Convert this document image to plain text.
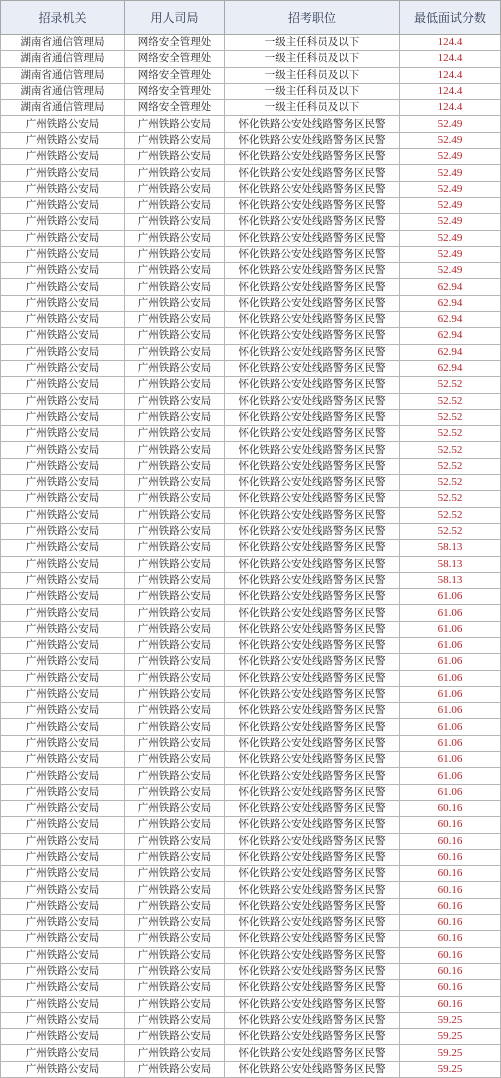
招录机关	用人司局	招考职位	最低面试分数
湖南省通信管理局	网络安全管理处	一级主任科员及以下	124.4
湖南省通信管理局	网络安全管理处	一级主任科员及以下	124.4
湖南省通信管理局	网络安全管理处	一级主任科员及以下	124.4
湖南省通信管理局	网络安全管理处	一级主任科员及以下	124.4
湖南省通信管理局	网络安全管理处	一级主任科员及以下	124.4
广州铁路公安局	广州铁路公安局	怀化铁路公安处线路警务区民警	52.49
广州铁路公安局	广州铁路公安局	怀化铁路公安处线路警务区民警	52.49
广州铁路公安局	广州铁路公安局	怀化铁路公安处线路警务区民警	52.49
广州铁路公安局	广州铁路公安局	怀化铁路公安处线路警务区民警	52.49
广州铁路公安局	广州铁路公安局	怀化铁路公安处线路警务区民警	52.49
广州铁路公安局	广州铁路公安局	怀化铁路公安处线路警务区民警	52.49
广州铁路公安局	广州铁路公安局	怀化铁路公安处线路警务区民警	52.49
广州铁路公安局	广州铁路公安局	怀化铁路公安处线路警务区民警	52.49
广州铁路公安局	广州铁路公安局	怀化铁路公安处线路警务区民警	52.49
广州铁路公安局	广州铁路公安局	怀化铁路公安处线路警务区民警	52.49
广州铁路公安局	广州铁路公安局	怀化铁路公安处线路警务区民警	62.94
广州铁路公安局	广州铁路公安局	怀化铁路公安处线路警务区民警	62.94
广州铁路公安局	广州铁路公安局	怀化铁路公安处线路警务区民警	62.94
广州铁路公安局	广州铁路公安局	怀化铁路公安处线路警务区民警	62.94
广州铁路公安局	广州铁路公安局	怀化铁路公安处线路警务区民警	62.94
广州铁路公安局	广州铁路公安局	怀化铁路公安处线路警务区民警	62.94
广州铁路公安局	广州铁路公安局	怀化铁路公安处线路警务区民警	52.52
广州铁路公安局	广州铁路公安局	怀化铁路公安处线路警务区民警	52.52
广州铁路公安局	广州铁路公安局	怀化铁路公安处线路警务区民警	52.52
广州铁路公安局	广州铁路公安局	怀化铁路公安处线路警务区民警	52.52
广州铁路公安局	广州铁路公安局	怀化铁路公安处线路警务区民警	52.52
广州铁路公安局	广州铁路公安局	怀化铁路公安处线路警务区民警	52.52
广州铁路公安局	广州铁路公安局	怀化铁路公安处线路警务区民警	52.52
广州铁路公安局	广州铁路公安局	怀化铁路公安处线路警务区民警	52.52
广州铁路公安局	广州铁路公安局	怀化铁路公安处线路警务区民警	52.52
广州铁路公安局	广州铁路公安局	怀化铁路公安处线路警务区民警	52.52
广州铁路公安局	广州铁路公安局	怀化铁路公安处线路警务区民警	58.13
广州铁路公安局	广州铁路公安局	怀化铁路公安处线路警务区民警	58.13
广州铁路公安局	广州铁路公安局	怀化铁路公安处线路警务区民警	58.13
广州铁路公安局	广州铁路公安局	怀化铁路公安处线路警务区民警	61.06
广州铁路公安局	广州铁路公安局	怀化铁路公安处线路警务区民警	61.06
广州铁路公安局	广州铁路公安局	怀化铁路公安处线路警务区民警	61.06
广州铁路公安局	广州铁路公安局	怀化铁路公安处线路警务区民警	61.06
广州铁路公安局	广州铁路公安局	怀化铁路公安处线路警务区民警	61.06
广州铁路公安局	广州铁路公安局	怀化铁路公安处线路警务区民警	61.06
广州铁路公安局	广州铁路公安局	怀化铁路公安处线路警务区民警	61.06
广州铁路公安局	广州铁路公安局	怀化铁路公安处线路警务区民警	61.06
广州铁路公安局	广州铁路公安局	怀化铁路公安处线路警务区民警	61.06
广州铁路公安局	广州铁路公安局	怀化铁路公安处线路警务区民警	61.06
广州铁路公安局	广州铁路公安局	怀化铁路公安处线路警务区民警	61.06
广州铁路公安局	广州铁路公安局	怀化铁路公安处线路警务区民警	61.06
广州铁路公安局	广州铁路公安局	怀化铁路公安处线路警务区民警	61.06
广州铁路公安局	广州铁路公安局	怀化铁路公安处线路警务区民警	60.16
广州铁路公安局	广州铁路公安局	怀化铁路公安处线路警务区民警	60.16
广州铁路公安局	广州铁路公安局	怀化铁路公安处线路警务区民警	60.16
广州铁路公安局	广州铁路公安局	怀化铁路公安处线路警务区民警	60.16
广州铁路公安局	广州铁路公安局	怀化铁路公安处线路警务区民警	60.16
广州铁路公安局	广州铁路公安局	怀化铁路公安处线路警务区民警	60.16
广州铁路公安局	广州铁路公安局	怀化铁路公安处线路警务区民警	60.16
广州铁路公安局	广州铁路公安局	怀化铁路公安处线路警务区民警	60.16
广州铁路公安局	广州铁路公安局	怀化铁路公安处线路警务区民警	60.16
广州铁路公安局	广州铁路公安局	怀化铁路公安处线路警务区民警	60.16
广州铁路公安局	广州铁路公安局	怀化铁路公安处线路警务区民警	60.16
广州铁路公安局	广州铁路公安局	怀化铁路公安处线路警务区民警	60.16
广州铁路公安局	广州铁路公安局	怀化铁路公安处线路警务区民警	60.16
广州铁路公安局	广州铁路公安局	怀化铁路公安处线路警务区民警	59.25
广州铁路公安局	广州铁路公安局	怀化铁路公安处线路警务区民警	59.25
广州铁路公安局	广州铁路公安局	怀化铁路公安处线路警务区民警	59.25
广州铁路公安局	广州铁路公安局	怀化铁路公安处线路警务区民警	59.25
